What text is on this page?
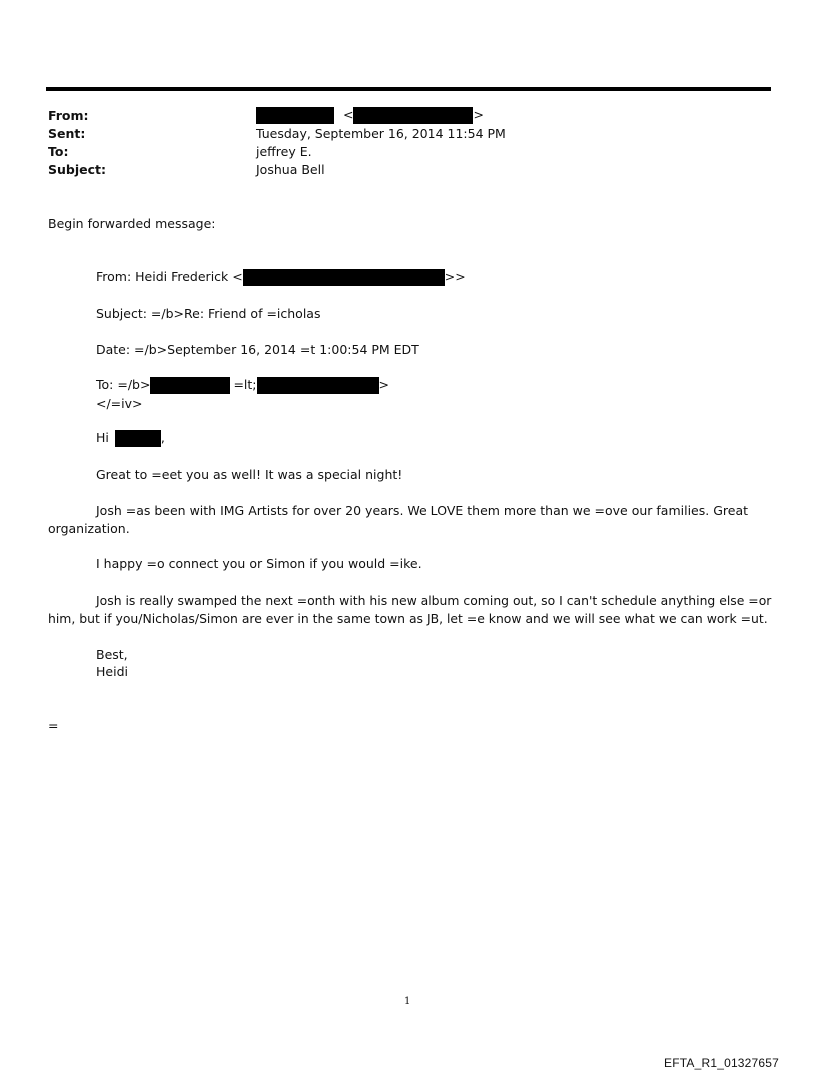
From:	<	>
Sent:	Tuesday, September 16, 2014 11:54 PM
To:	jeffrey E.
Subject:	Joshua Bell
Begin forwarded message:
From: Heidi Frederick <	>>
Subject: =/b>Re: Friend of =icholas
Date: =/b>September 16, 2014 =t 1:00:54 PM EDT
To: =/b>	=lt;	>
</=iv>
Hi	,
Great to =eet you as well! It was a special night!
Josh =as been with IMG Artists for over 20 years. We LOVE them more than we =ove our families. Great organization.
I happy =o connect you or Simon if you would =ike.
Josh is really swamped the next =onth with his new album coming out, so I can't schedule anything else =or him, but if you/Nicholas/Simon are ever in the same town as JB, let =e know and we will see what we can work =ut.
Best,
Heidi
=
1
EFTA_R1_01327657
